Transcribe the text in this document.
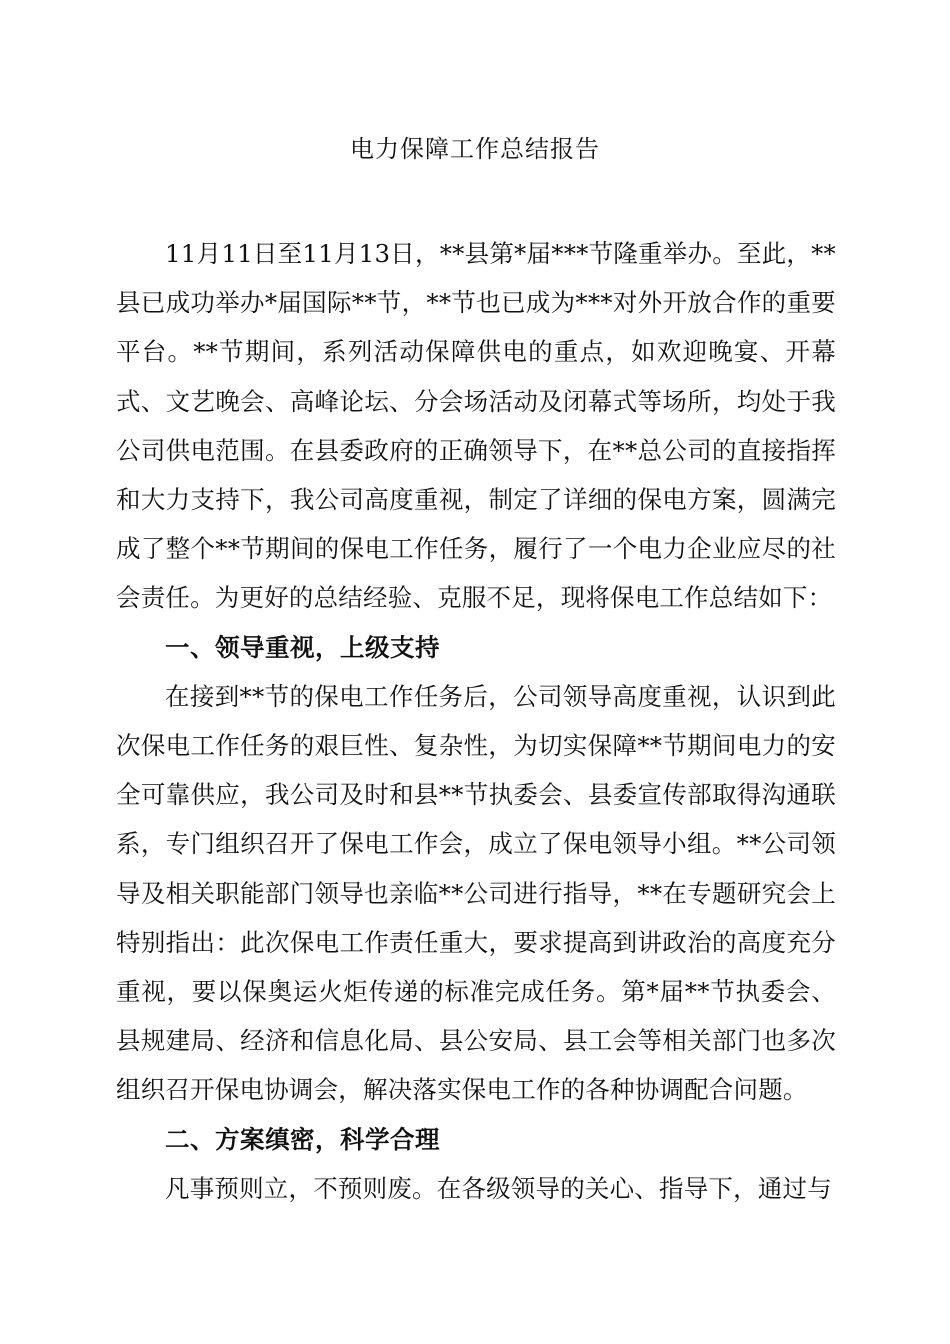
电力保障工作总结报告

11月11日至11月13日，**县第*届***节隆重举办。至此，**县已成功举办*届国际**节，**节也已成为***对外开放合作的重要平台。**节期间，系列活动保障供电的重点，如欢迎晚宴、开幕式、文艺晚会、高峰论坛、分会场活动及闭幕式等场所，均处于我公司供电范围。在县委政府的正确领导下，在**总公司的直接指挥和大力支持下，我公司高度重视，制定了详细的保电方案，圆满完成了整个**节期间的保电工作任务，履行了一个电力企业应尽的社会责任。为更好的总结经验、克服不足，现将保电工作总结如下：

一、领导重视，上级支持

在接到**节的保电工作任务后，公司领导高度重视，认识到此次保电工作任务的艰巨性、复杂性，为切实保障**节期间电力的安全可靠供应，我公司及时和县**节执委会、县委宣传部取得沟通联系，专门组织召开了保电工作会，成立了保电领导小组。**公司领导及相关职能部门领导也亲临**公司进行指导，**在专题研究会上特别指出：此次保电工作责任重大，要求提高到讲政治的高度充分重视，要以保奥运火炬传递的标准完成任务。第*届**节执委会、县规建局、经济和信息化局、县公安局、县工会等相关部门也多次组织召开保电协调会，解决落实保电工作的各种协调配合问题。

二、方案缜密，科学合理

凡事预则立，不预则废。在各级领导的关心、指导下，通过与
